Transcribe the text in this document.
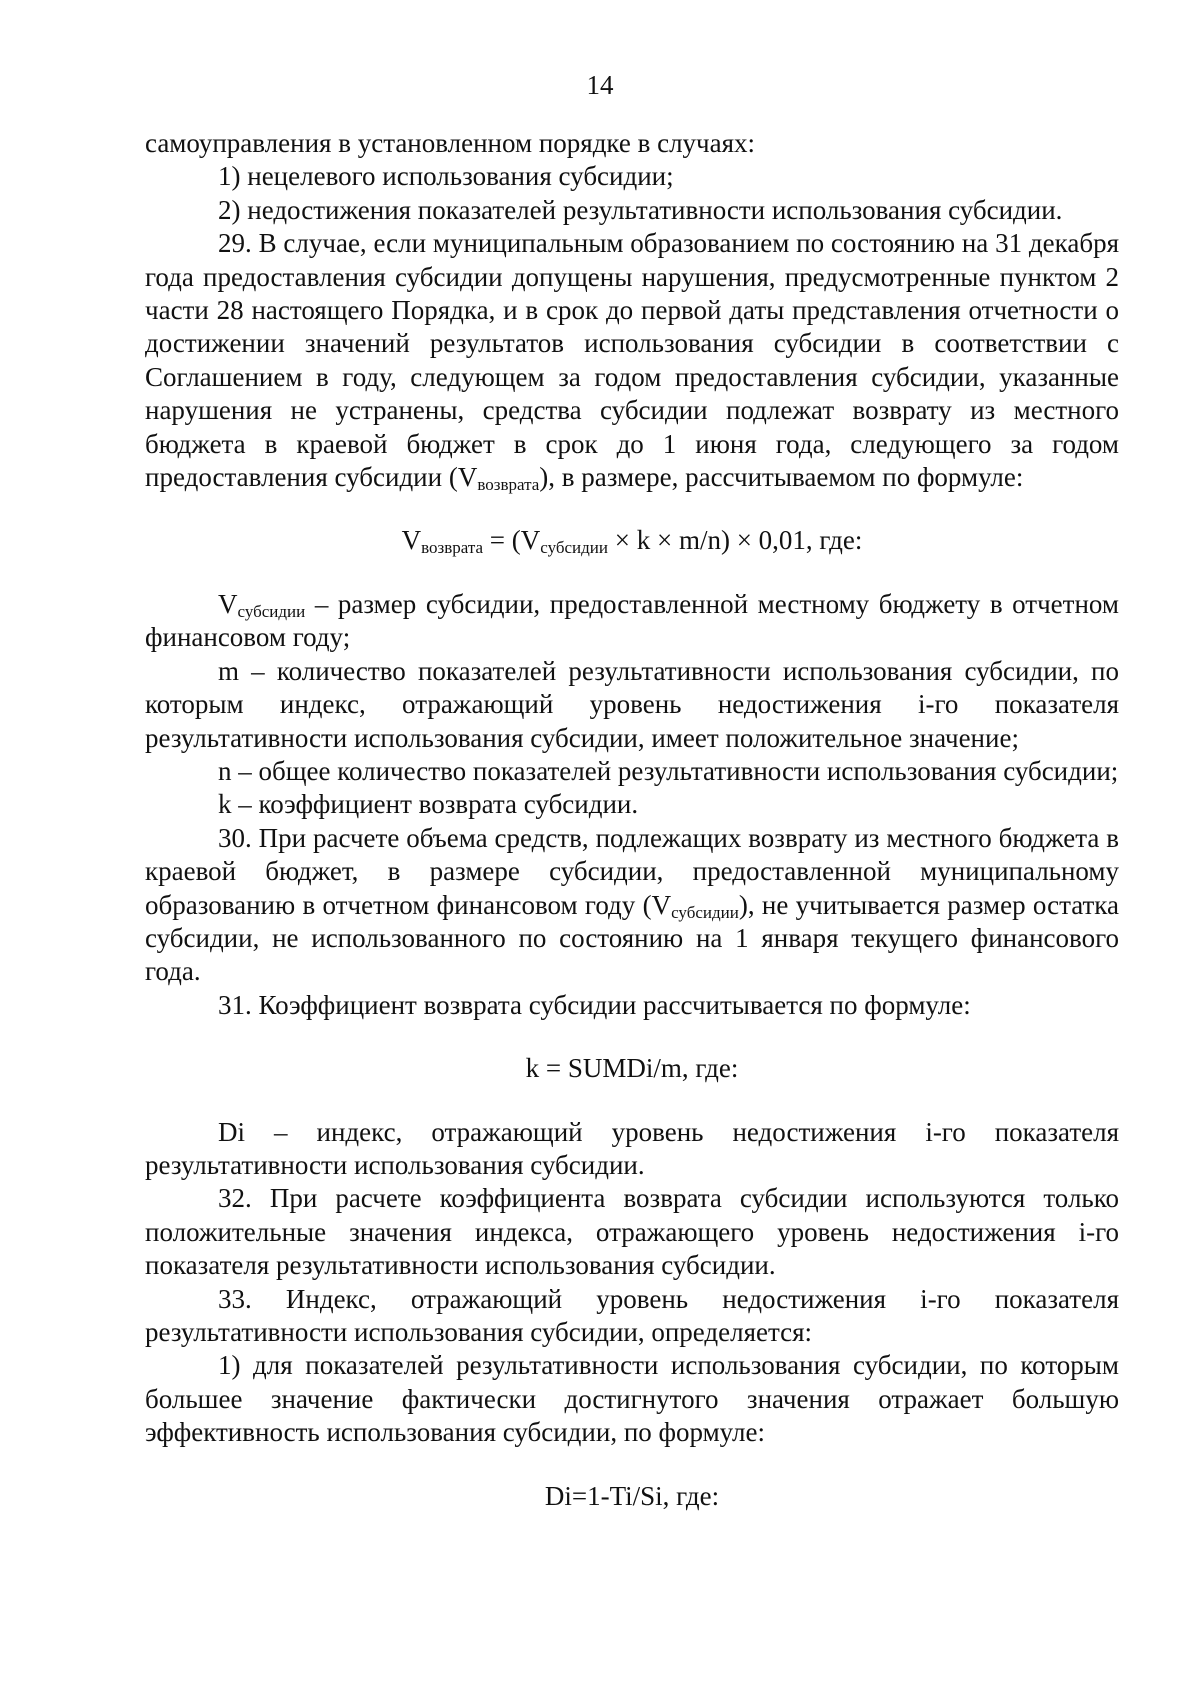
14

самоуправления в установленном порядке в случаях:

1) нецелевого использования субсидии;

2) недостижения показателей результативности использования субсидии.

29. В случае, если муниципальным образованием по состоянию на 31 декабря года предоставления субсидии допущены нарушения, предусмотренные пунктом 2 части 28 настоящего Порядка, и в срок до первой даты представления отчетности о достижении значений результатов использования субсидии в соответствии с Соглашением в году, следующем за годом предоставления субсидии, указанные нарушения не устранены, средства субсидии подлежат возврату из местного бюджета в краевой бюджет в срок до 1 июня года, следующего за годом предоставления субсидии $(V_{возврата})$, в размере, рассчитываемом по формуле:

$V_{возврата} = (V_{субсидии} \times k \times m/n) \times 0,01$, где:

$V_{субсидии}$ – размер субсидии, предоставленной местному бюджету в отчетном финансовом году;

m – количество показателей результативности использования субсидии, по которым индекс, отражающий уровень недостижения i-го показателя результативности использования субсидии, имеет положительное значение;

n – общее количество показателей результативности использования субсидии;

k – коэффициент возврата субсидии.

30. При расчете объема средств, подлежащих возврату из местного бюджета в краевой бюджет, в размере субсидии, предоставленной муниципальному образованию в отчетном финансовом году $(V_{субсидии})$, не учитывается размер остатка субсидии, не использованного по состоянию на 1 января текущего финансового года.

31. Коэффициент возврата субсидии рассчитывается по формуле:

k = SUMDi/m, где:

Di – индекс, отражающий уровень недостижения i-го показателя результативности использования субсидии.

32. При расчете коэффициента возврата субсидии используются только положительные значения индекса, отражающего уровень недостижения i-го показателя результативности использования субсидии.

33. Индекс, отражающий уровень недостижения i-го показателя результативности использования субсидии, определяется:

1) для показателей результативности использования субсидии, по которым большее значение фактически достигнутого значения отражает большую эффективность использования субсидии, по формуле:

Di=1-Ti/Si, где:
